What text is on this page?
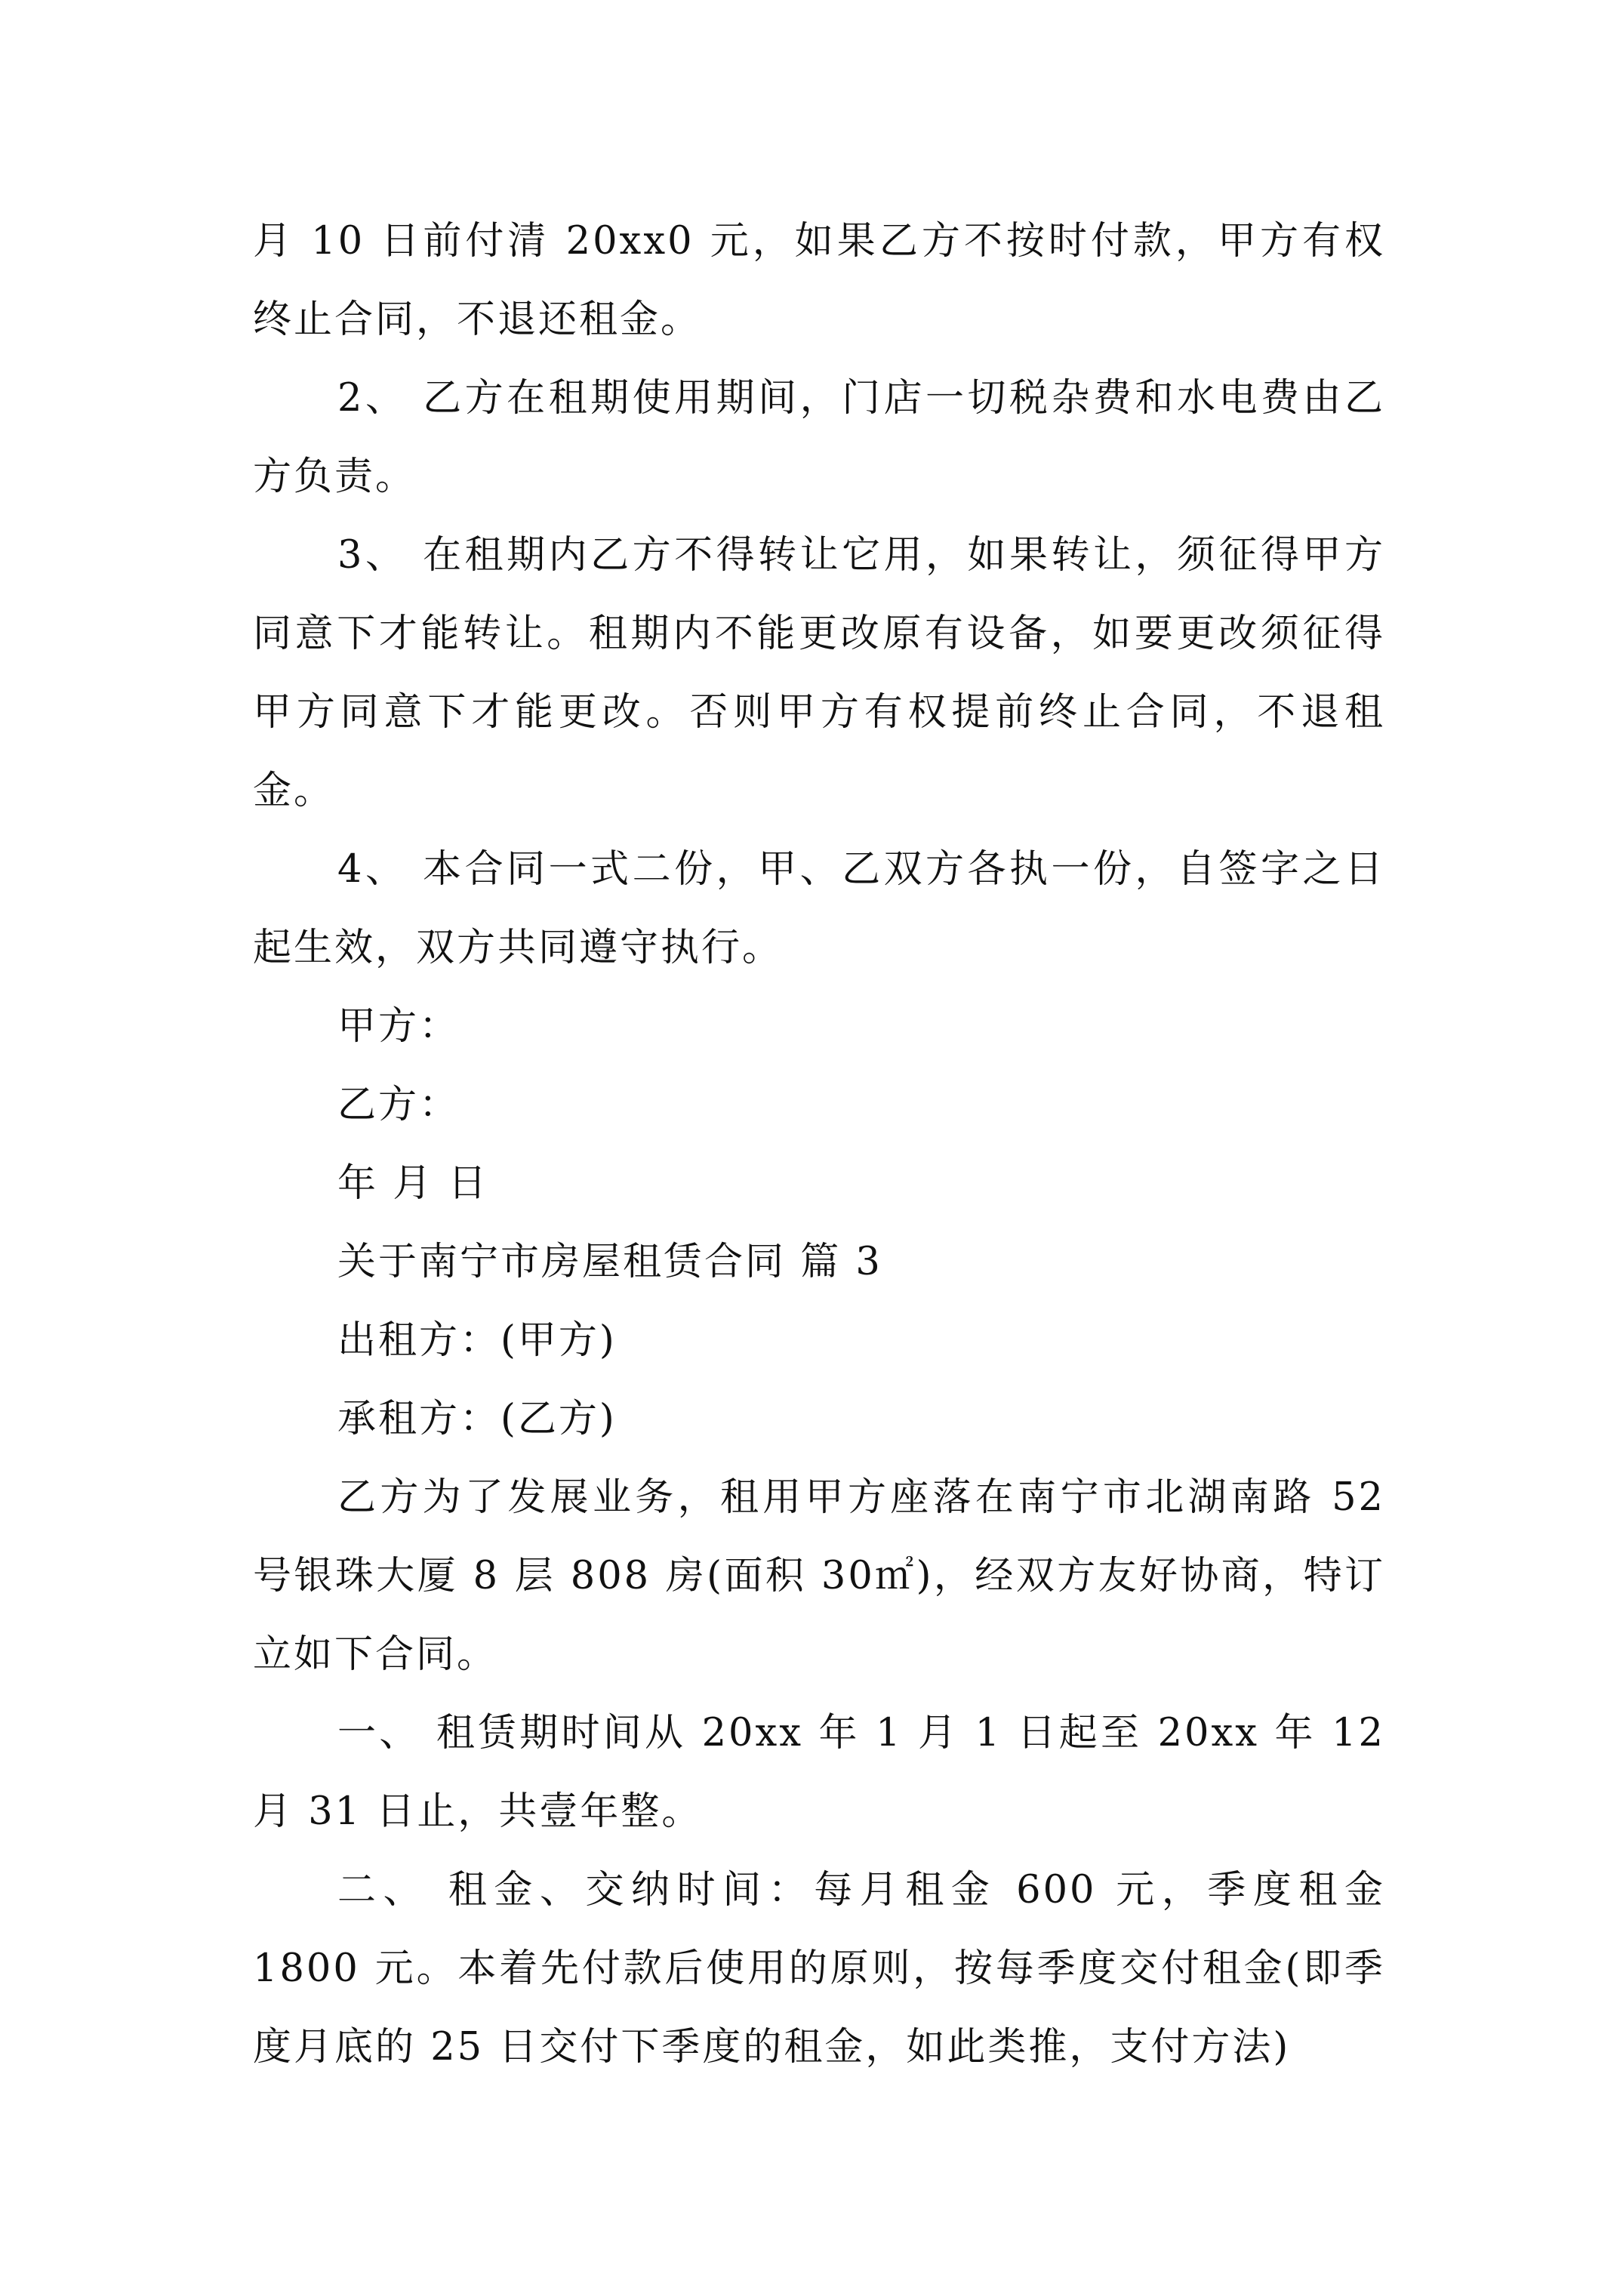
月 10 日前付清 20xx0 元，如果乙方不按时付款，甲方有权终止合同，不退还租金。

2、 乙方在租期使用期间，门店一切税杂费和水电费由乙方负责。

3、 在租期内乙方不得转让它用，如果转让，须征得甲方同意下才能转让。租期内不能更改原有设备，如要更改须征得甲方同意下才能更改。否则甲方有权提前终止合同，不退租金。

4、 本合同一式二份，甲、乙双方各执一份，自签字之日起生效，双方共同遵守执行。

甲方：

乙方：

年 月 日

关于南宁市房屋租赁合同 篇 3

出租方：(甲方)

承租方：(乙方)

乙方为了发展业务，租用甲方座落在南宁市北湖南路 52 号银珠大厦 8 层 808 房(面积 30㎡)，经双方友好协商，特订立如下合同。

一、 租赁期时间从 20xx 年 1 月 1 日起至 20xx 年 12 月 31 日止，共壹年整。

二、 租金、交纳时间：每月租金 600 元，季度租金 1800 元。本着先付款后使用的原则，按每季度交付租金(即季度月底的 25 日交付下季度的租金，如此类推，支付方法)
